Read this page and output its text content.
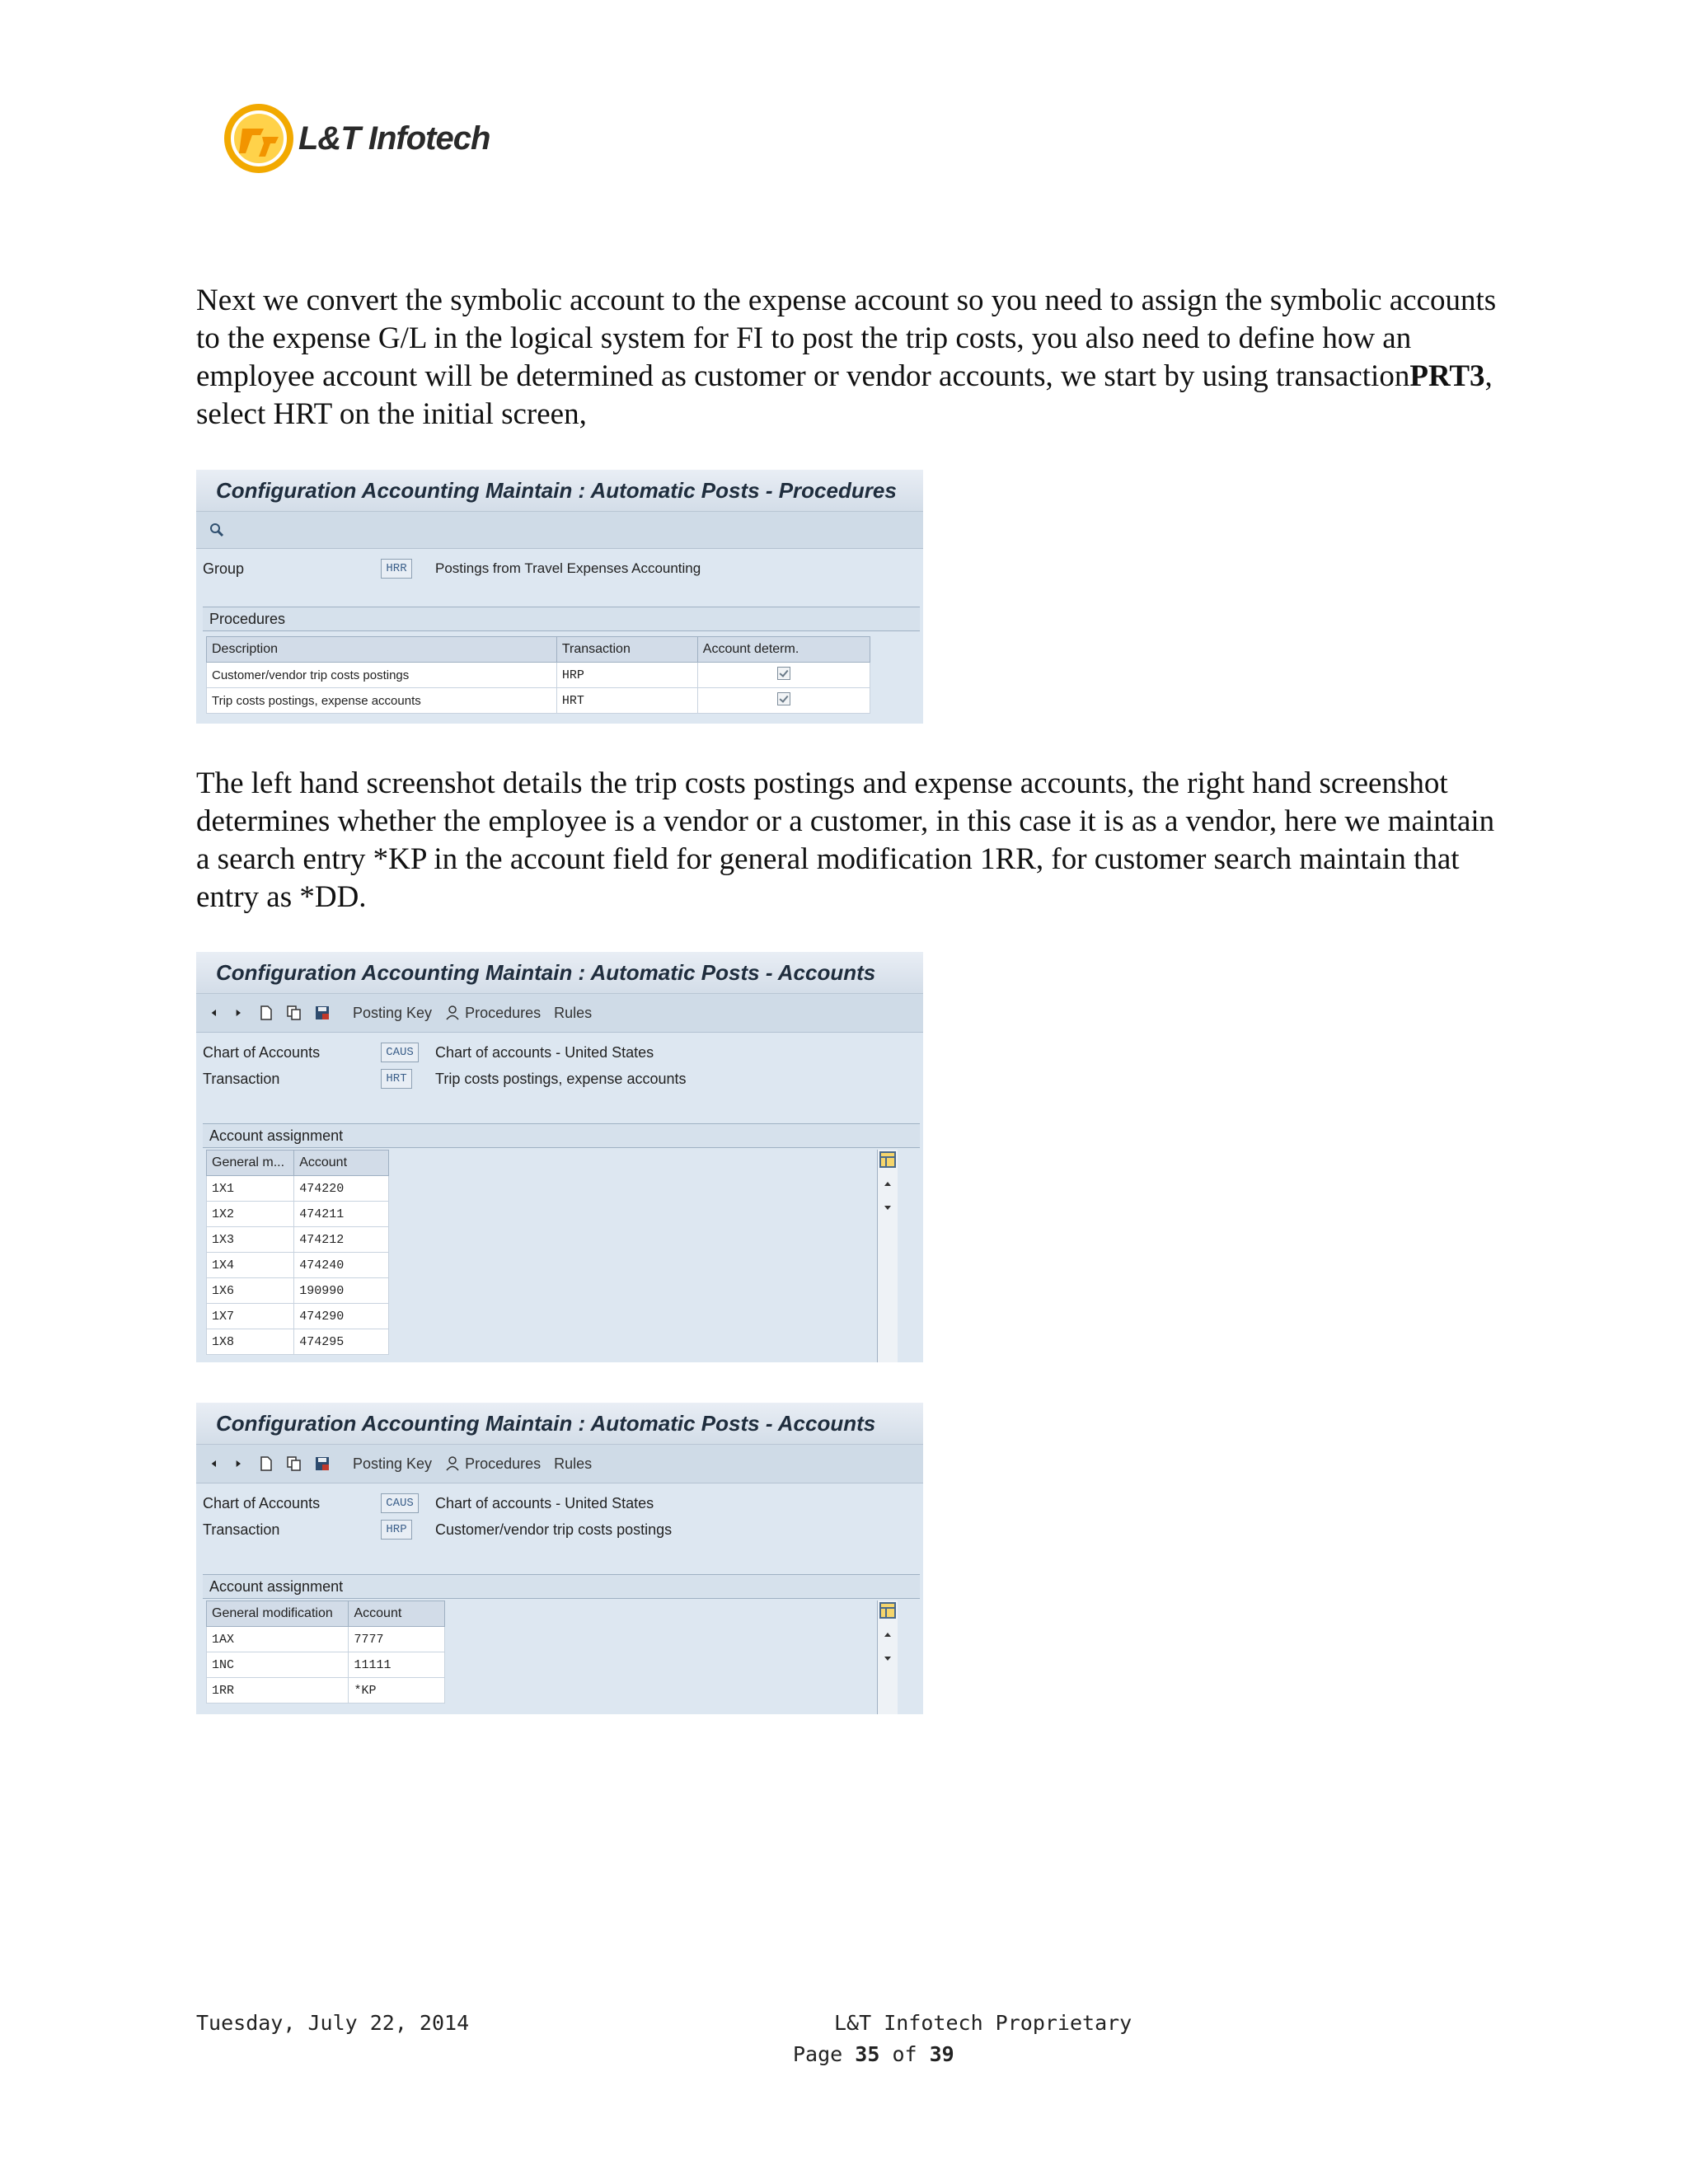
L&T Infotech

Next we convert the symbolic account to the expense account so you need to assign the symbolic accounts to the expense G/L in the logical system for FI to post the trip costs, you also need to define how an employee account will be determined as customer or vendor accounts, we start by using transactionPRT3, select HRT on the initial screen,

Configuration Accounting Maintain : Automatic Posts - Procedures
Group	HRR	Postings from Travel Expenses Accounting
Procedures
Description	Transaction	Account determ.
Customer/vendor trip costs postings	HRP	
Trip costs postings, expense accounts	HRT	

The left hand screenshot details the trip costs postings and expense accounts, the right hand screenshot determines whether the employee is a vendor or a customer, in this case it is as a vendor, here we maintain a search entry *KP in the account field for general modification 1RR, for customer search maintain that entry as *DD.

Configuration Accounting Maintain : Automatic Posts - Accounts
Posting Key Procedures Rules
Chart of Accounts	CAUS	Chart of accounts - United States
Transaction	HRT	Trip costs postings, expense accounts
Account assignment
General m...	Account
1X1	474220
1X2	474211
1X3	474212
1X4	474240
1X6	190990
1X7	474290
1X8	474295

Configuration Accounting Maintain : Automatic Posts - Accounts
Posting Key Procedures Rules
Chart of Accounts	CAUS	Chart of accounts - United States
Transaction	HRP	Customer/vendor trip costs postings
Account assignment
General modification	Account
1AX	7777
1NC	11111
1RR	*KP

Tuesday, July 22, 2014	L&T Infotech Proprietary
Page 35 of 39
